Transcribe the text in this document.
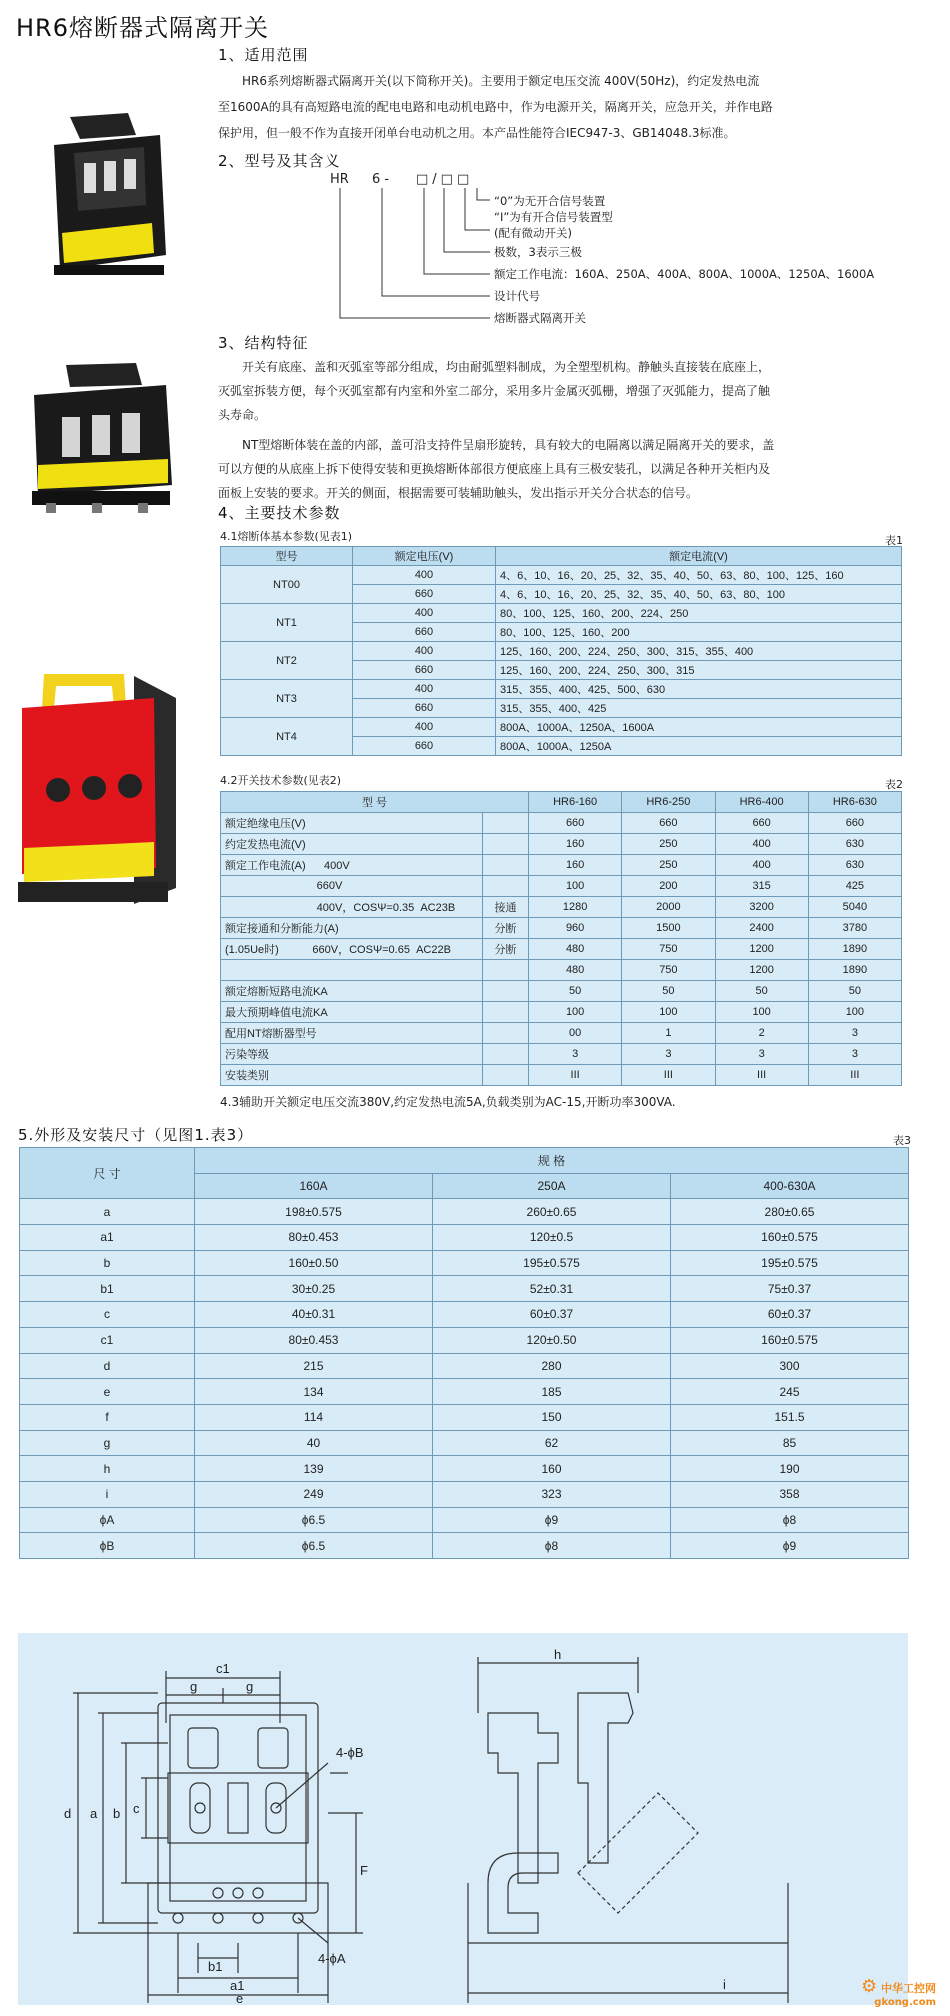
HR6熔断器式隔离开关
1、适用范围
HR6系列熔断器式隔离开关(以下简称开关)。主要用于额定电压交流 400V(50Hz)，约定发热电流
至1600A的具有高短路电流的配电电路和电动机电路中，作为电源开关，隔离开关，应急开关，并作电路
保护用，但一般不作为直接开闭单台电动机之用。本产品性能符合IEC947-3、GB14048.3标准。
2、型号及其含义
HR 6 - □/□□
“0”为无开合信号装置
“I”为有开合信号装置型
(配有微动开关)
极数，3表示三极
额定工作电流：160A、250A、400A、800A、1000A、1250A、1600A
设计代号
熔断器式隔离开关
3、结构特征
开关有底座、盖和灭弧室等部分组成，均由耐弧塑料制成，为全塑型机构。静触头直接装在底座上，
灭弧室拆装方便，每个灭弧室都有内室和外室二部分，采用多片金属灭弧栅，增强了灭弧能力，提高了触
头寿命。
NT型熔断体装在盖的内部，盖可沿支持件呈扇形旋转，具有较大的电隔离以满足隔离开关的要求，盖
可以方便的从底座上拆下使得安装和更换熔断体部很方便底座上具有三极安装孔，以满足各种开关柜内及
面板上安装的要求。开关的侧面，根据需要可装辅助触头，发出指示开关分合状态的信号。
4、主要技术参数
4.1熔断体基本参数(见表1)	表1
型号	额定电压(V)	额定电流(V)
NT00	400	4、6、10、16、20、25、32、35、40、50、63、80、100、125、160
	660	4、6、10、16、20、25、32、35、40、50、63、80、100
NT1	400	80、100、125、160、200、224、250
	660	80、100、125、160、200
NT2	400	125、160、200、224、250、300、315、355、400
	660	125、160、200、224、250、300、315
NT3	400	315、355、400、425、500、630
	660	315、355、400、425
NT4	400	800A、1000A、1250A、1600A
	660	800A、1000A、1250A
4.2开关技术参数(见表2)	表2
型 号		HR6-160	HR6-250	HR6-400	HR6-630
额定绝缘电压(V)		660	660	660	660
约定发热电流(V)		160	250	400	630
额定工作电流(A)      400V		160	250	400	630
660V		100	200	315	425
400V，COSΨ=0.35  AC23B	接通	1280	2000	3200	5040
额定接通和分断能力(A)	分断	960	1500	2400	3780
(1.05Ue时)           660V，COSΨ=0.65  AC22B	分断	480	750	1200	1890
		480	750	1200	1890
额定熔断短路电流KA		50	50	50	50
最大预期峰值电流KA		100	100	100	100
配用NT熔断器型号		00	1	2	3
污染等级		3	3	3	3
安装类别		III	III	III	III
4.3辅助开关额定电压交流380V,约定发热电流5A,负载类别为AC-15,开断功率300VA.
5.外形及安装尺寸（见图1.表3）	表3
尺 寸	规 格		
	160A	250A	400-630A
a	198±0.575	260±0.65	280±0.65
a1	80±0.453	120±0.5	160±0.575
b	160±0.50	195±0.575	195±0.575
b1	30±0.25	52±0.31	75±0.37
c	40±0.31	60±0.37	60±0.37
c1	80±0.453	120±0.50	160±0.575
d	215	280	300
e	134	185	245
f	114	150	151.5
g	40	62	85
h	139	160	190
i	249	323	358
ϕA	ϕ6.5	ϕ9	ϕ8
ϕB	ϕ6.5	ϕ8	ϕ9
c1
g	g
d a b c
4-ϕB
F
b1
a1
e
4-ϕA
h
i	⚙ 中华工控网
gkong.com
